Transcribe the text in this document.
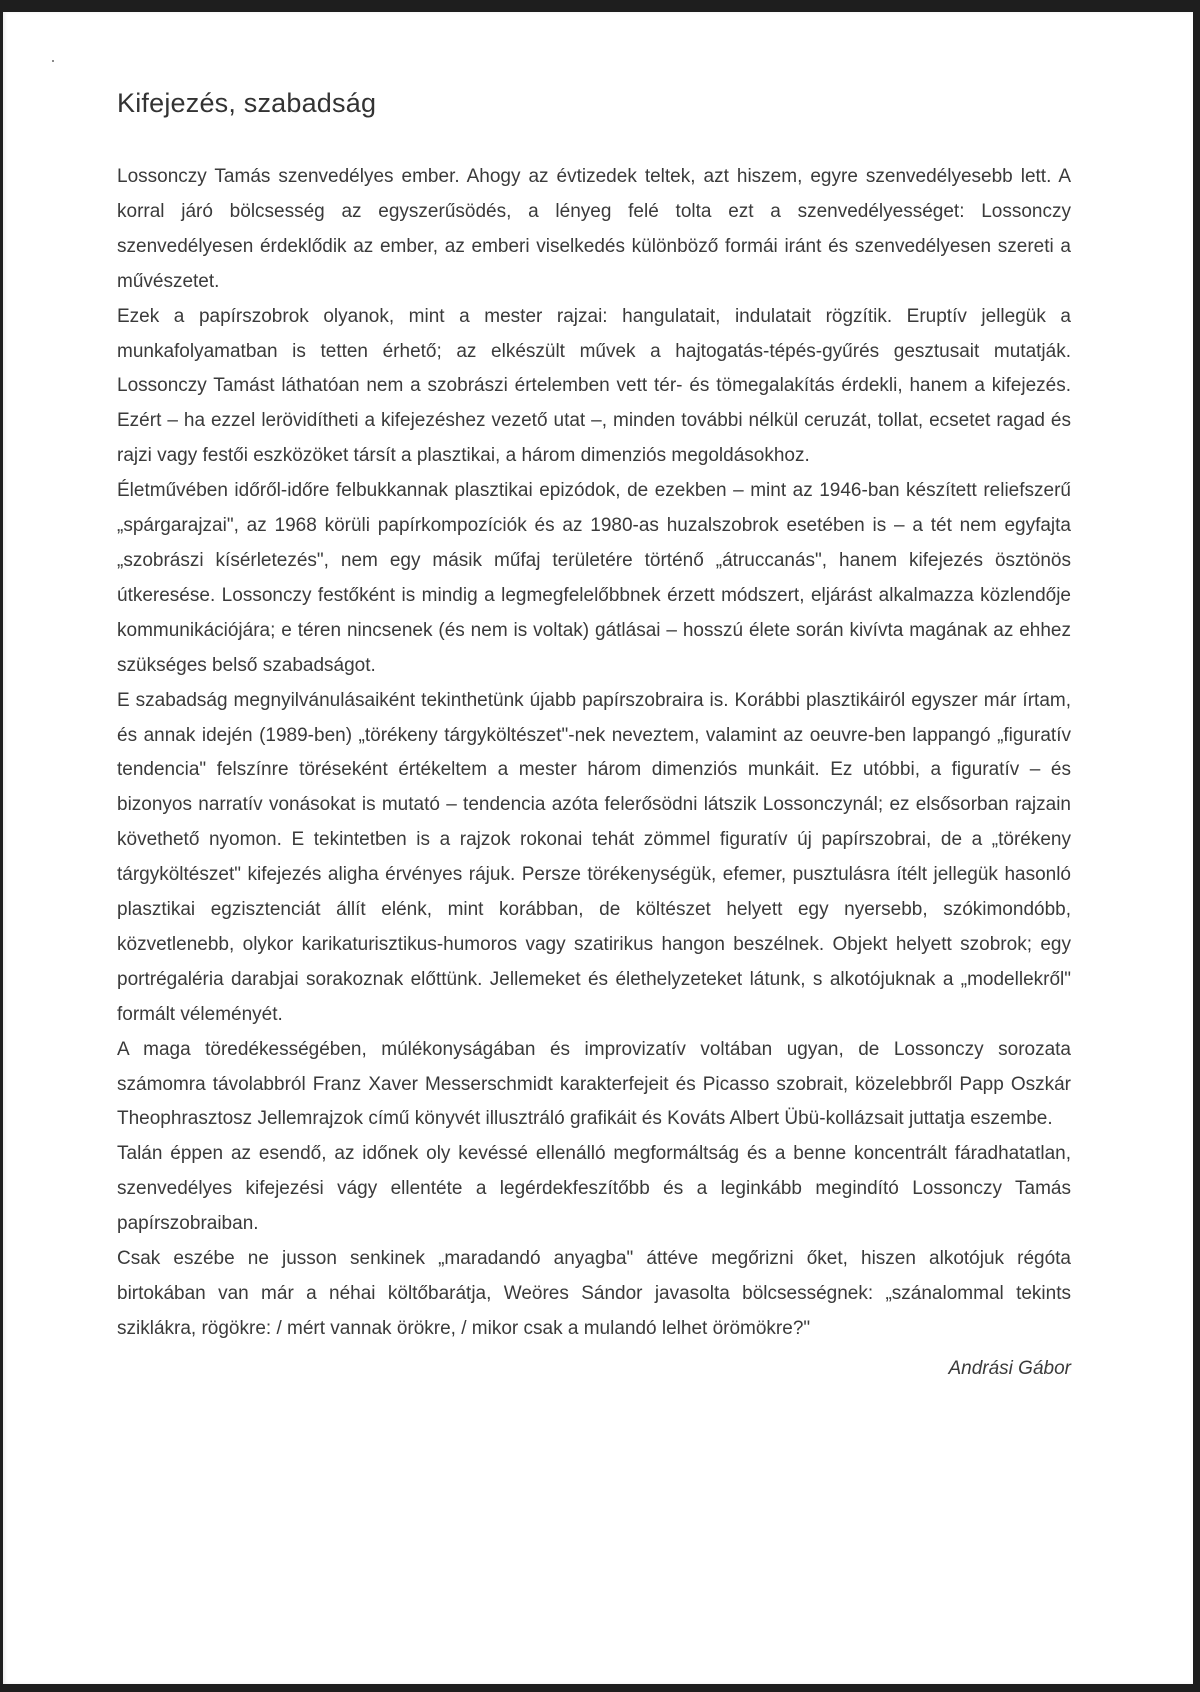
Kifejezés, szabadság

Lossonczy Tamás szenvedélyes ember. Ahogy az évtizedek teltek, azt hiszem, egyre szenvedélyesebb lett. A korral járó bölcsesség az egyszerűsödés, a lényeg felé tolta ezt a szenvedélyességet: Lossonczy szenvedélyesen érdeklődik az ember, az emberi viselkedés különböző formái iránt és szenvedélyesen szereti a művészetet.

Ezek a papírszobrok olyanok, mint a mester rajzai: hangulatait, indulatait rögzítik. Eruptív jellegük a munkafolyamatban is tetten érhető; az elkészült művek a hajtogatás-tépés-gyűrés gesztusait mutatják. Lossonczy Tamást láthatóan nem a szobrászi értelemben vett tér- és tömegalakítás érdekli, hanem a kifejezés. Ezért – ha ezzel lerövidítheti a kifejezéshez vezető utat –, minden további nélkül ceruzát, tollat, ecsetet ragad és rajzi vagy festői eszközöket társít a plasztikai, a három dimenziós megoldásokhoz.

Életművében időről-időre felbukkannak plasztikai epizódok, de ezekben – mint az 1946-ban készített reliefszerű „spárgarajzai", az 1968 körüli papírkompozíciók és az 1980-as huzalszobrok esetében is – a tét nem egyfajta „szobrászi kísérletezés", nem egy másik műfaj területére történő „átruccanás", hanem kifejezés ösztönös útkeresése. Lossonczy festőként is mindig a legmegfelelőbbnek érzett módszert, eljárást alkalmazza közlendője kommunikációjára; e téren nincsenek (és nem is voltak) gátlásai – hosszú élete során kivívta magának az ehhez szükséges belső szabadságot.

E szabadság megnyilvánulásaiként tekinthetünk újabb papírszobraira is. Korábbi plasztikáiról egyszer már írtam, és annak idején (1989-ben) „törékeny tárgyköltészet"-nek neveztem, valamint az oeuvre-ben lappangó „figuratív tendencia" felszínre töréseként értékeltem a mester három dimenziós munkáit. Ez utóbbi, a figuratív – és bizonyos narratív vonásokat is mutató – tendencia azóta felerősödni látszik Lossonczynál; ez elsősorban rajzain követhető nyomon. E tekintetben is a rajzok rokonai tehát zömmel figuratív új papírszobrai, de a „törékeny tárgyköltészet" kifejezés aligha érvényes rájuk. Persze törékenységük, efemer, pusztulásra ítélt jellegük hasonló plasztikai egzisztenciát állít elénk, mint korábban, de költészet helyett egy nyersebb, szókimondóbb, közvetlenebb, olykor karikaturisztikus-humoros vagy szatirikus hangon beszélnek. Objekt helyett szobrok; egy portrégaléria darabjai sorakoznak előttünk. Jellemeket és élethelyzeteket látunk, s alkotójuknak a „modellekről" formált véleményét.

A maga töredékességében, múlékonyságában és improvizatív voltában ugyan, de Lossonczy sorozata számomra távolabbról Franz Xaver Messerschmidt karakterfejeit és Picasso szobrait, közelebbről Papp Oszkár Theophrasztosz Jellemrajzok című könyvét illusztráló grafikáit és Kováts Albert Übü-kollázsait juttatja eszembe.

Talán éppen az esendő, az időnek oly kevéssé ellenálló megformáltság és a benne koncentrált fáradhatatlan, szenvedélyes kifejezési vágy ellentéte a legérdekfeszítőbb és a leginkább megindító Lossonczy Tamás papírszobraiban.

Csak eszébe ne jusson senkinek „maradandó anyagba" áttéve megőrizni őket, hiszen alkotójuk régóta birtokában van már a néhai költőbarátja, Weöres Sándor javasolta bölcsességnek: „szánalommal tekints sziklákra, rögökre: / mért vannak örökre, / mikor csak a mulandó lelhet örömökre?"

Andrási Gábor
